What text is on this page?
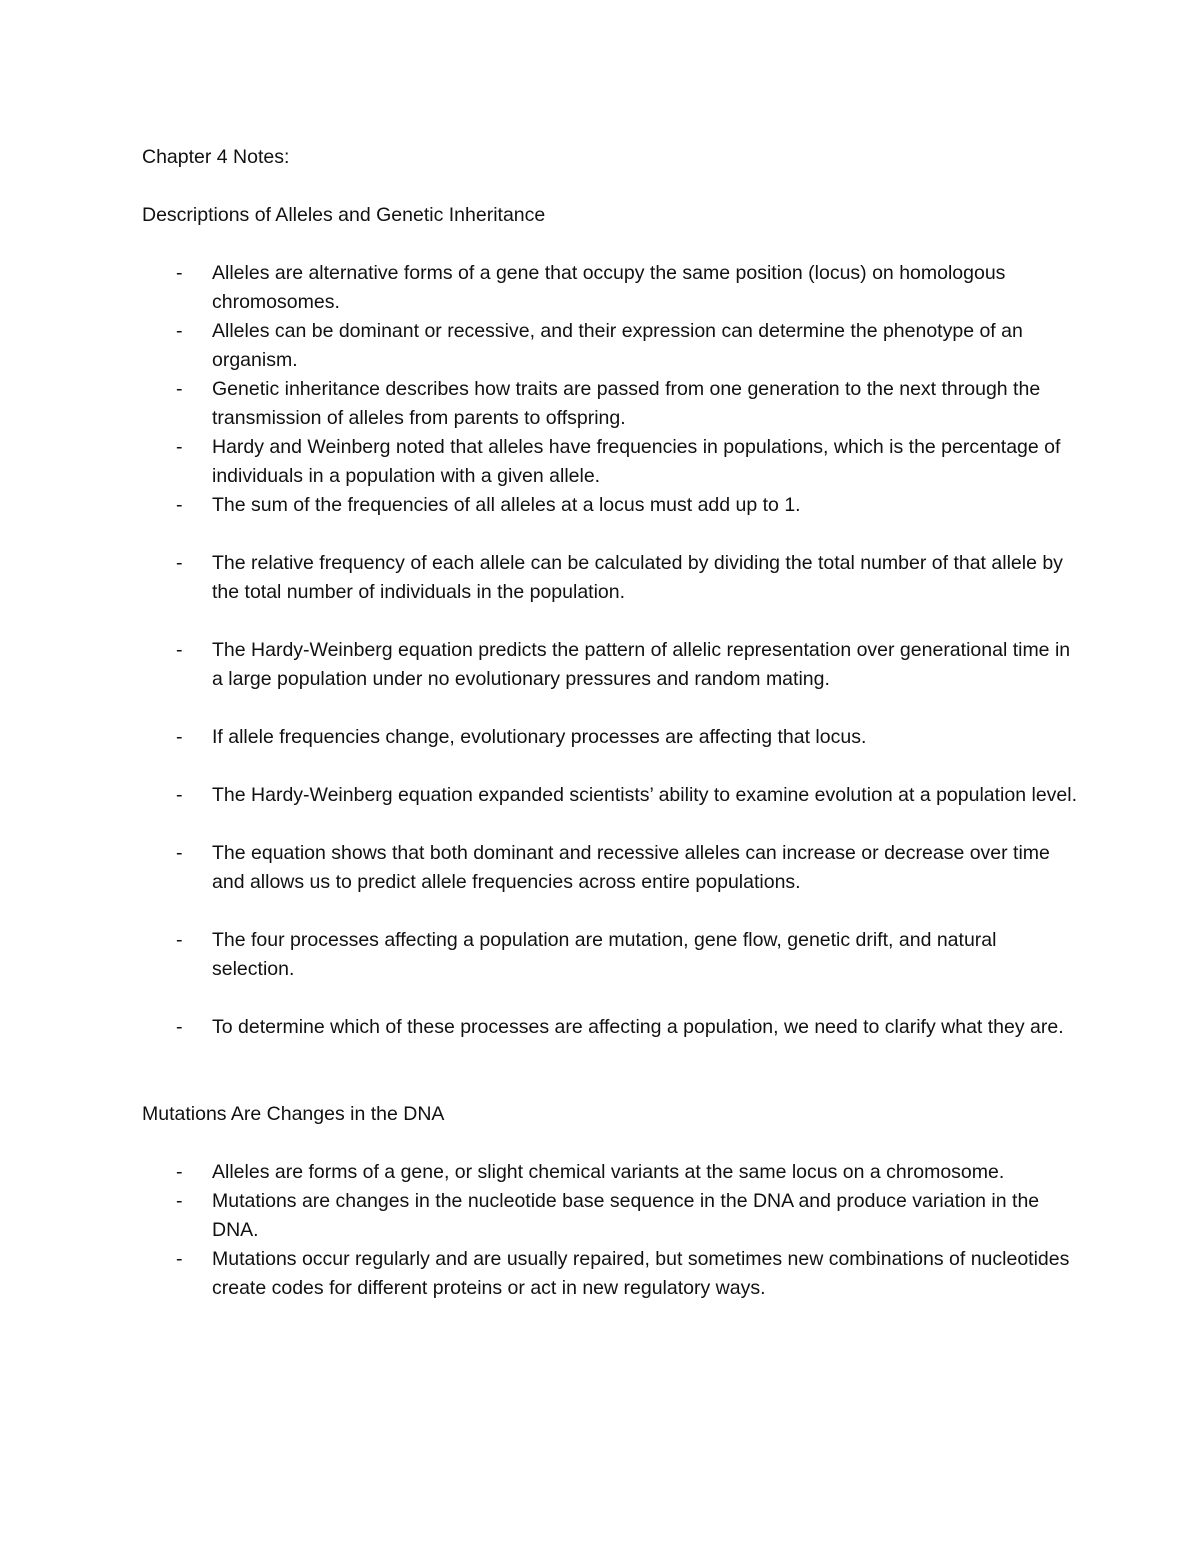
Chapter 4 Notes:
Descriptions of Alleles and Genetic Inheritance
- Alleles are alternative forms of a gene that occupy the same position (locus) on homologous chromosomes.
- Alleles can be dominant or recessive, and their expression can determine the phenotype of an organism.
- Genetic inheritance describes how traits are passed from one generation to the next through the transmission of alleles from parents to offspring.
- Hardy and Weinberg noted that alleles have frequencies in populations, which is the percentage of individuals in a population with a given allele.
- The sum of the frequencies of all alleles at a locus must add up to 1.
- The relative frequency of each allele can be calculated by dividing the total number of that allele by the total number of individuals in the population.
- The Hardy-Weinberg equation predicts the pattern of allelic representation over generational time in a large population under no evolutionary pressures and random mating.
- If allele frequencies change, evolutionary processes are affecting that locus.
- The Hardy-Weinberg equation expanded scientists’ ability to examine evolution at a population level.
- The equation shows that both dominant and recessive alleles can increase or decrease over time and allows us to predict allele frequencies across entire populations.
- The four processes affecting a population are mutation, gene flow, genetic drift, and natural selection.
- To determine which of these processes are affecting a population, we need to clarify what they are.
Mutations Are Changes in the DNA
- Alleles are forms of a gene, or slight chemical variants at the same locus on a chromosome.
- Mutations are changes in the nucleotide base sequence in the DNA and produce variation in the DNA.
- Mutations occur regularly and are usually repaired, but sometimes new combinations of nucleotides create codes for different proteins or act in new regulatory ways.
